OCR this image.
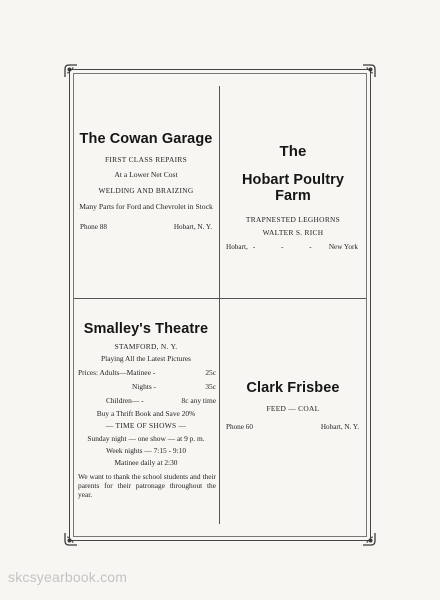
The Cowan Garage
FIRST CLASS REPAIRS
At a Lower Net Cost
WELDING AND BRAIZING
Many Parts for Ford and Chevrolet in Stock
Phone 88	Hobart, N. Y.
The
Hobart Poultry Farm
TRAPNESTED LEGHORNS
WALTER S. RICH
Hobart, - - - New York
Smalley's Theatre
STAMFORD, N. Y.
Playing All the Latest Pictures
Prices: Adults—Matinee -	25c
Nights -	35c
Children— -	8c any time
Buy a Thrift Book and Save 20%
— TIME OF SHOWS —
Sunday night — one show — at 9 p. m.
Week nights — 7:15 - 9:10
Matinee daily at 2:30
We want to thank the school students and their parents for their patronage throughout the year.
Clark Frisbee
FEED — COAL
Phone 60	Hobart, N. Y.
skcsyearbook.com
